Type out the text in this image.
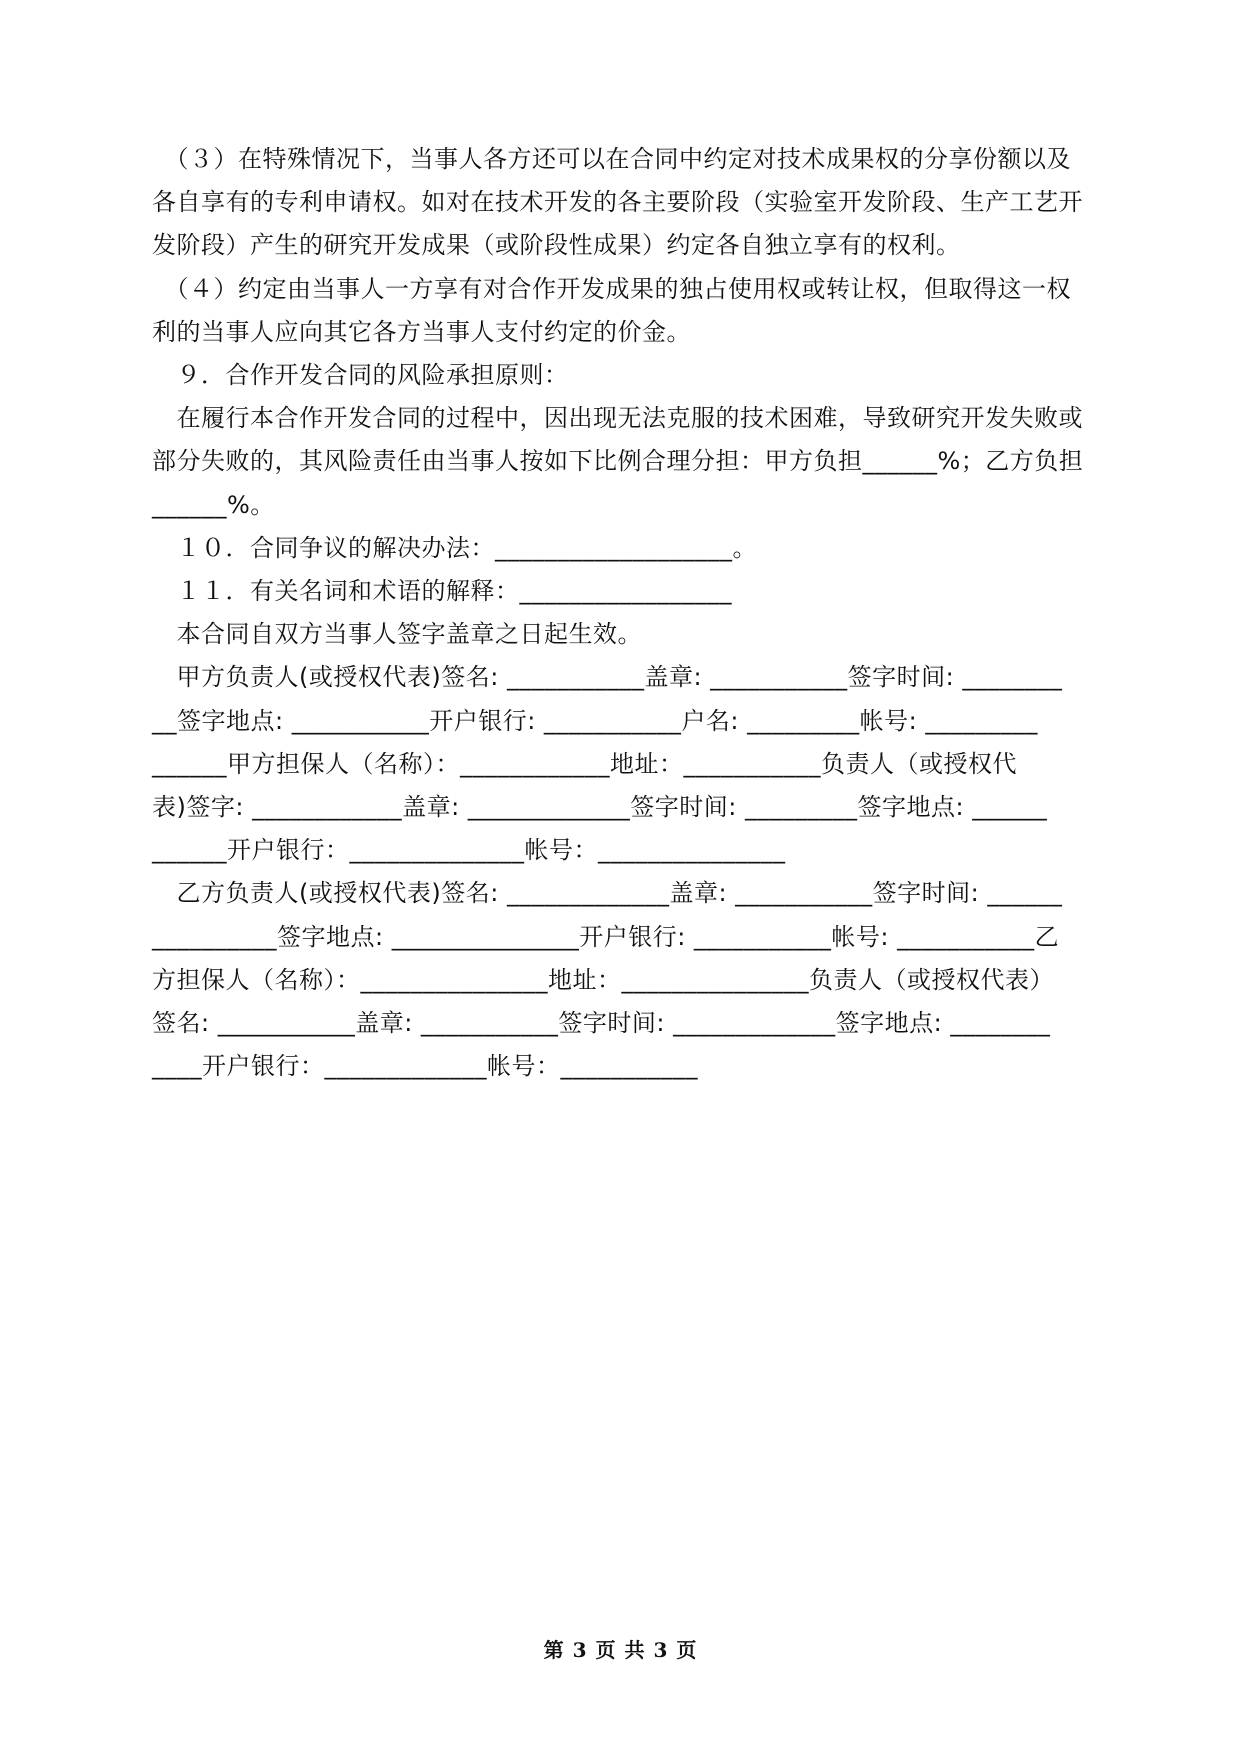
　（３）在特殊情况下，当事人各方还可以在合同中约定对技术成果权的分享份额以及
各自享有的专利申请权。如对在技术开发的各主要阶段（实验室开发阶段、生产工艺开
发阶段）产生的研究开发成果（或阶段性成果）约定各自独立享有的权利。
　（４）约定由当事人一方享有对合作开发成果的独占使用权或转让权，但取得这一权
利的当事人应向其它各方当事人支付约定的价金。
　９．合作开发合同的风险承担原则：
　在履行本合作开发合同的过程中，因出现无法克服的技术困难，导致研究开发失败或
部分失败的，其风险责任由当事人按如下比例合理分担：甲方负担______%；乙方负担
______%。
　１０．合同争议的解决办法：___________________。
　１１．有关名词和术语的解释：_________________
　本合同自双方当事人签字盖章之日起生效。
　甲方负责人(或授权代表)签名: ___________盖章: ___________签字时间: ________
__签字地点: ___________开户银行: ___________户名: _________帐号: _________
______甲方担保人（名称）：____________地址：___________负责人（或授权代
表)签字: ____________盖章: _____________签字时间: _________签字地点: ______
______开户银行：______________帐号：_______________
　乙方负责人(或授权代表)签名: _____________盖章: ___________签字时间: ______
__________签字地点: _______________开户银行: ___________帐号: ___________乙
方担保人（名称）：_______________地址：_______________负责人（或授权代表）
签名: ___________盖章: ___________签字时间: _____________签字地点: ________
____开户银行：_____________帐号：___________
第 3 页 共 3 页
